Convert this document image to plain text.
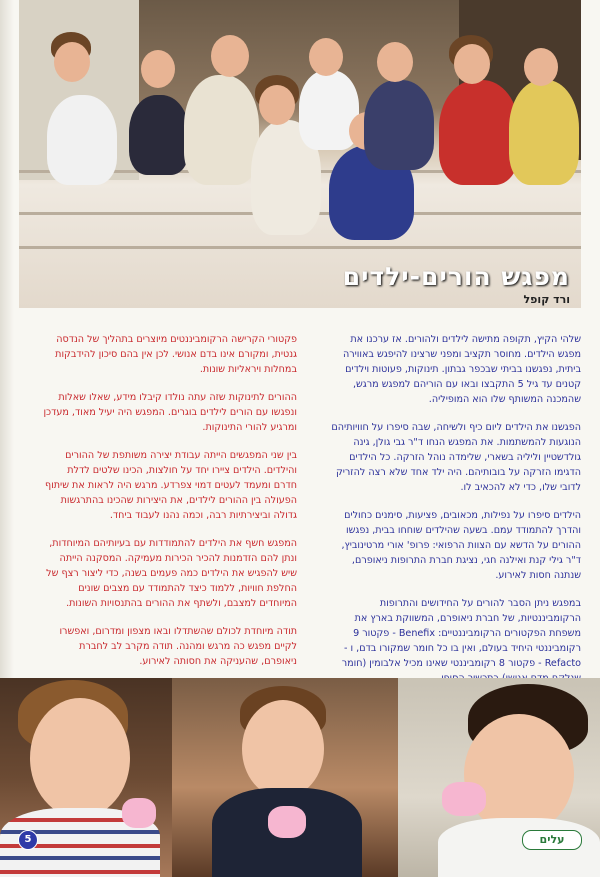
מפגש הורים-ילדים
ורד קופל

שלהי הקיץ, תקופה מתישה לילדים ולהורים. אז ערכנו את מפגש הילדים. מחוסר תקציב ומפני שרצינו להיפגש באווירה ביתית, נפגשנו בביתי שבכפר גבתון. תינוקות, פעוטות וילדים קטנים עד גיל 5 התקבצו ובאו עם הוריהם למפגש מרגש, שהמכנה המשותף שלו הוא המופיליה.

הפגשנו את הילדים ליום כיף ולשיחה, שבה סיפרו על חוויותיהם הנוגעות להמשתמות. את המפגש הנחו ד"ר גבי גולן, גינה גולדשטיין וליליה בשארי, שלימדה נוהל הזרקה. כל הילדים הדגימו הזרקה על בובותיהם. היה ילד אחד שלא רצה להזריק לדובי שלו, כדי לא להכאיב לו.

הילדים סיפרו על נפילות, מכאובים, פציעות, סימנים כחולים והדרך להתמודד עמם. בשעה שהילדים שוחחו בבית, נפגשו ההורים על הדשא עם הצוות הרפואי: פרופ' אורי מרטינוביץ, ד"ר גילי קנת ואילנה חגי, נציגת חברת התרופות ניאופרם, שנתנה חסות לאירוע.

במפגש ניתן הסבר להורים על החידושים והתרופות הרקומביננטיות, של חברת ניאופרם, המשווקת בארץ את משפחת הפקטורים הרקומביננטיים: Benefix - פקטור 9 רקומביננטי היחיד בעולם, ואין בו כל חומר שמקורו בדם, ו - Refacto - פקטור 8 רקומביננטי שאינו מכיל אלבומין (חומר

פקטורי הקרישה הרקומביננטים מיוצרים בתהליך של הנדסה גנטית, ומקורם אינו בדם אנושי. לכן אין בהם סיכון להידבקות במחלות ויראליות שונות.

ההורים לתינוקות שזה עתה נולדו קיבלו מידע, שאלו שאלות ונפגשו עם הורים לילדים בוגרים. המפגש היה יעיל מאוד, מעדכן ומרגיע להורי התינוקות.

בין שני המפגשים הייתה עבודת יצירה משותפת של ההורים והילדים. הילדים ציירו יחד על חולצות, הכינו שלטים לדלת חדרם ומעמד לעטים דמוי צפרדע. מרגש היה לראות את שיתוף הפעולה בין ההורים לילדים, את היצירות שהכינו בהתרגשות גדולה וביצירתיות רבה, וכמה נהנו לעבוד ביחד.

המפגש חשף את הילדים להתמודדות עם בעיותיהם המיוחדות, ונתן להם הזדמנות להכיר הכירות מעמיקה. המסקנה הייתה שיש להפגיש את הילדים כמה פעמים בשנה, כדי ליצור רצף של החלפת חוויות, ללמוד כיצד להתמודד עם מצבים שונים המיוחדים למצבם, ולשתף את ההורים בהתנסויות השונות.

תודה מיוחדת לכולם שהשתדלו ובאו מצפון ומדרום, ואפשרו לקיים מפגש כה מרגש ומהנה. תודה מקרב לב לחברת ניאופרם, שהעניקה את חסותה לאירוע.

5	עלים
